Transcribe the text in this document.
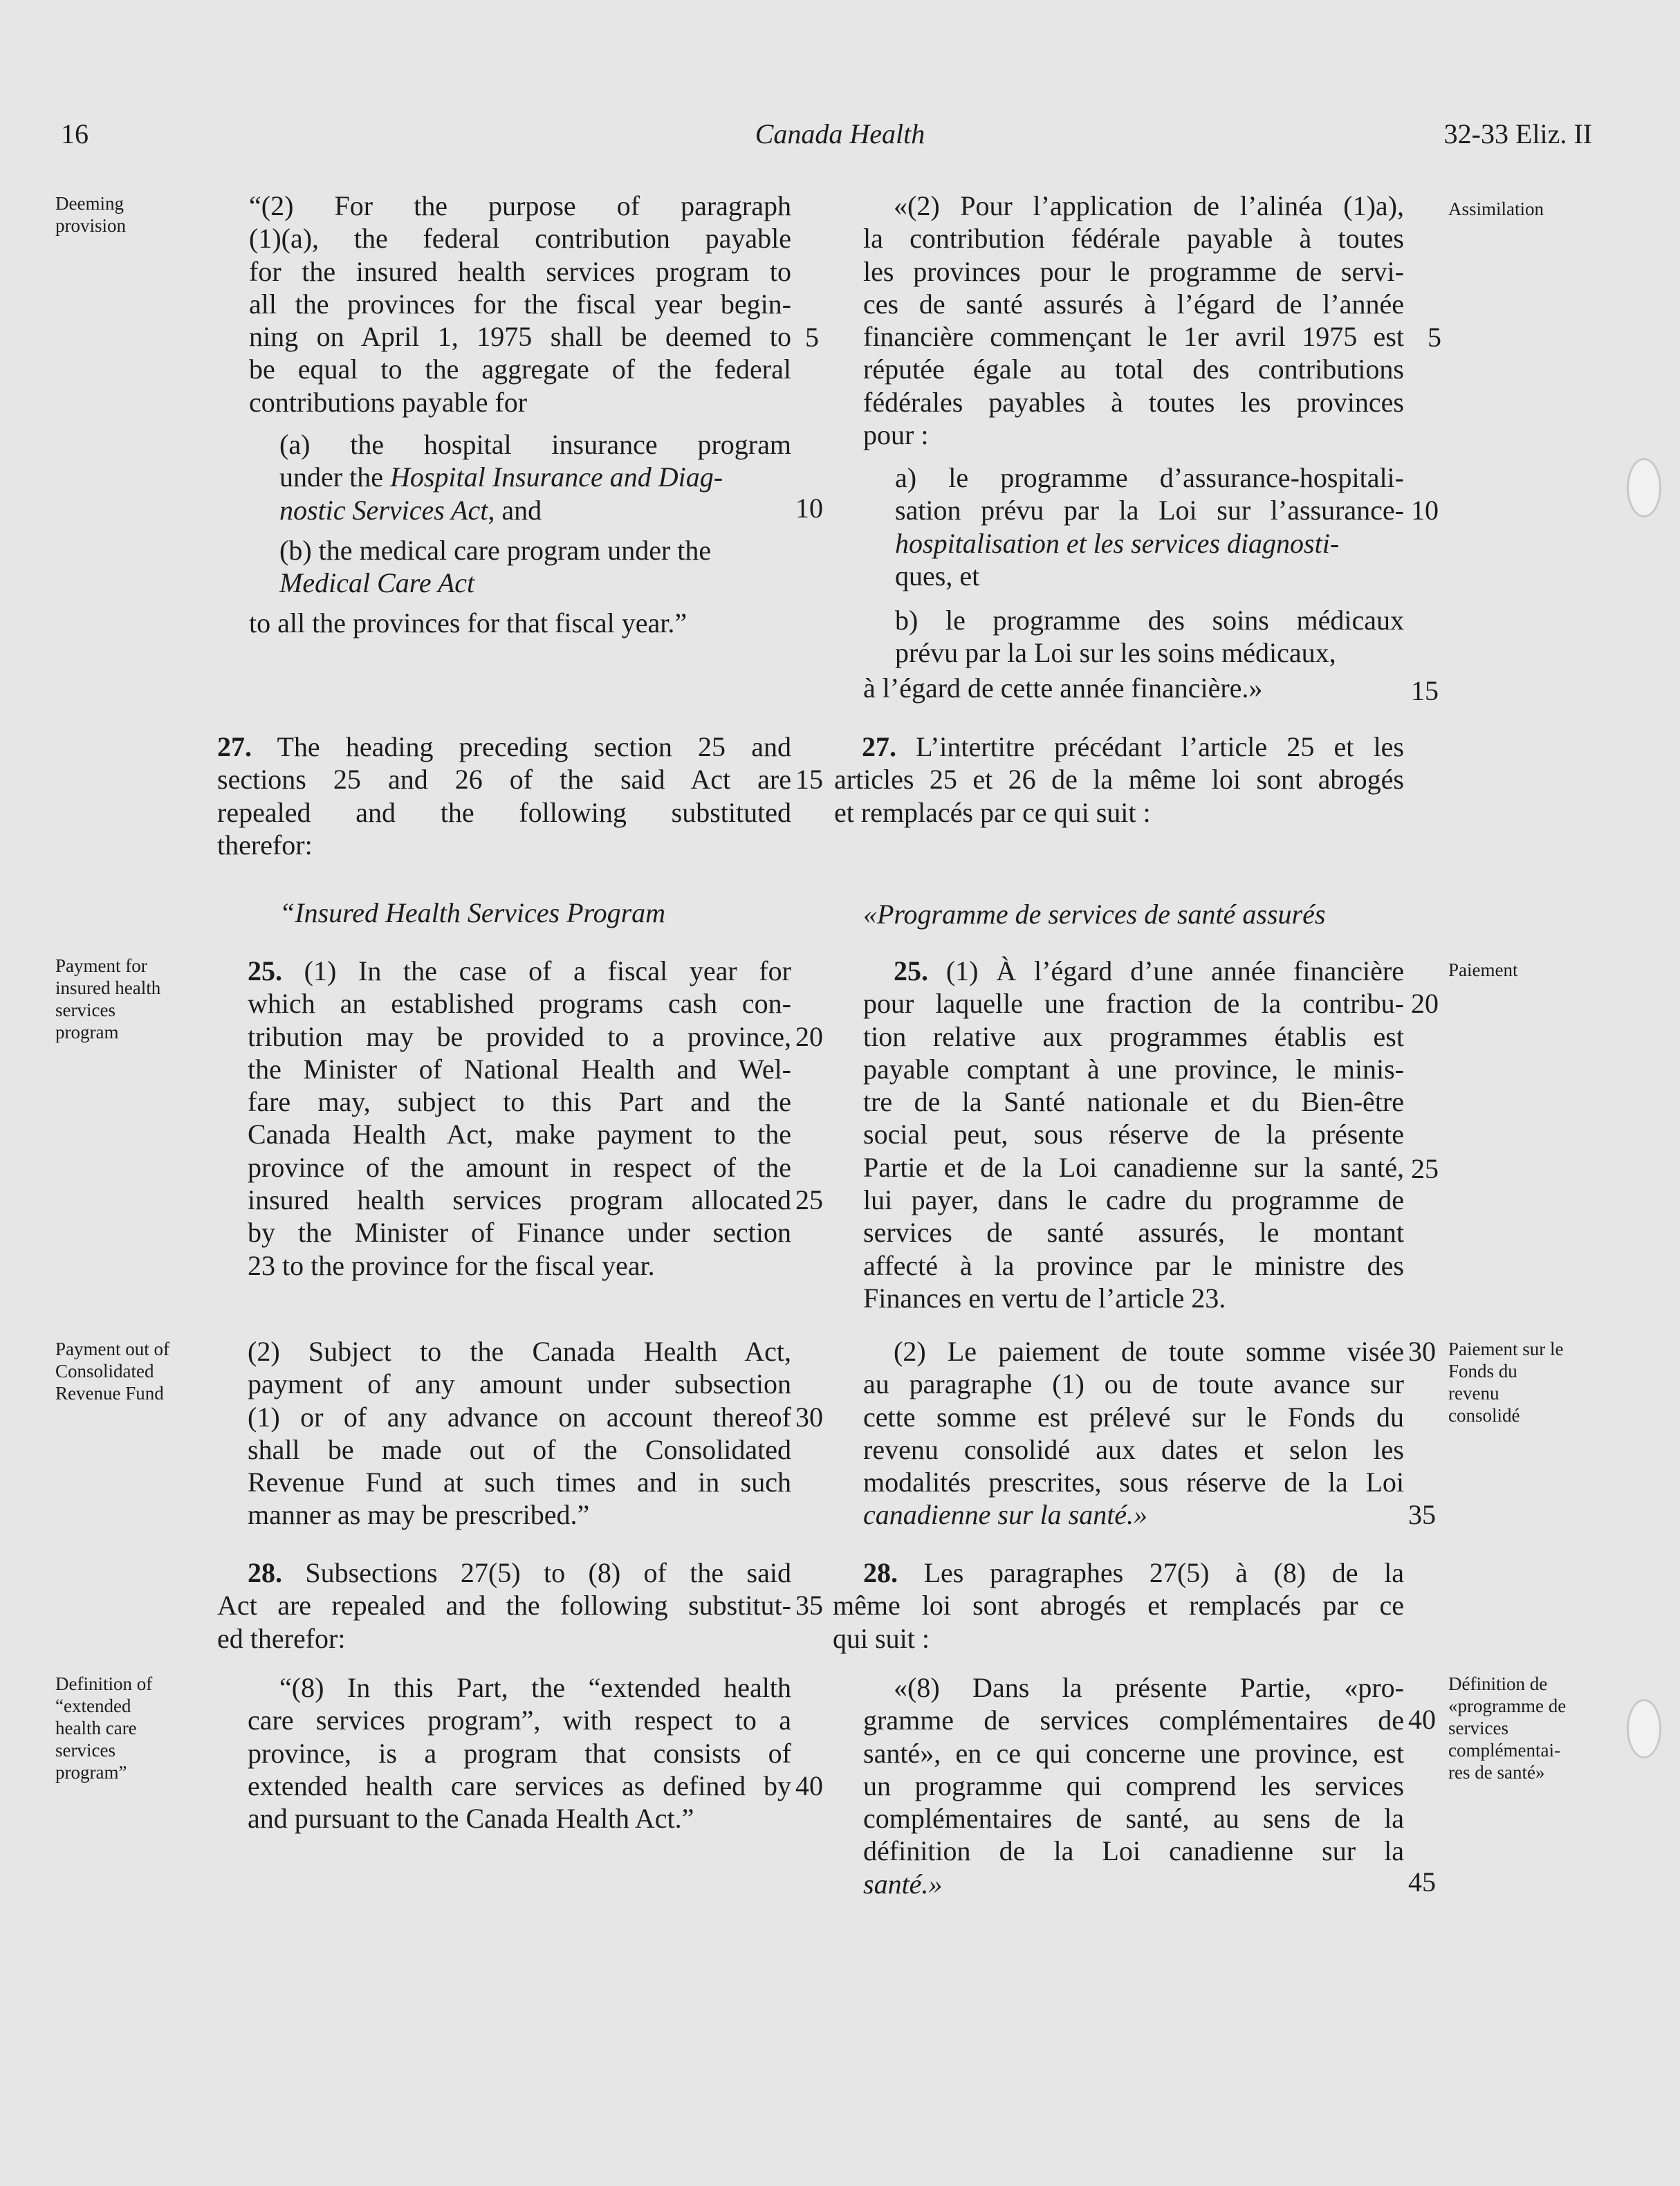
16	Canada Health	32-33 Eliz. II
Deeming
provision
Payment for
insured health
services
program
Payment out of
Consolidated
Revenue Fund
Definition of
“extended
health care
services
program”
Assimilation
Paiement
Paiement sur le
Fonds du
revenu
consolidé
Définition de
«programme de
services
complémentai-
res de santé»
“(2) For the purpose of paragraph
(1)(a), the federal contribution payable
for the insured health services program to
all the provinces for the fiscal year begin-
ning on April 1, 1975 shall be deemed to
be equal to the aggregate of the federal
contributions payable for
(a) the hospital insurance program
under the Hospital Insurance and Diag-
nostic Services Act, and
(b) the medical care program under the
Medical Care Act
to all the provinces for that fiscal year.”
27. The heading preceding section 25 and
sections 25 and 26 of the said Act are
repealed and the following substituted
therefor:
“Insured Health Services Program
25. (1) In the case of a fiscal year for
which an established programs cash con-
tribution may be provided to a province,
the Minister of National Health and Wel-
fare may, subject to this Part and the
Canada Health Act, make payment to the
province of the amount in respect of the
insured health services program allocated
by the Minister of Finance under section
23 to the province for the fiscal year.
(2) Subject to the Canada Health Act,
payment of any amount under subsection
(1) or of any advance on account thereof
shall be made out of the Consolidated
Revenue Fund at such times and in such
manner as may be prescribed.”
28. Subsections 27(5) to (8) of the said
Act are repealed and the following substitut-
ed therefor:
“(8) In this Part, the “extended health
care services program”, with respect to a
province, is a program that consists of
extended health care services as defined by
and pursuant to the Canada Health Act.”
5
10
15
20
25
30
35
40
«(2) Pour l’application de l’alinéa (1)a),
la contribution fédérale payable à toutes
les provinces pour le programme de servi-
ces de santé assurés à l’égard de l’année
financière commençant le 1er avril 1975 est
réputée égale au total des contributions
fédérales payables à toutes les provinces
pour :
a) le programme d’assurance-hospitali-
sation prévu par la Loi sur l’assurance-
hospitalisation et les services diagnosti-
ques, et
b) le programme des soins médicaux
prévu par la Loi sur les soins médicaux,
à l’égard de cette année financière.»
27. L’intertitre précédant l’article 25 et les
articles 25 et 26 de la même loi sont abrogés
et remplacés par ce qui suit :
«Programme de services de santé assurés
25. (1) À l’égard d’une année financière
pour laquelle une fraction de la contribu-
tion relative aux programmes établis est
payable comptant à une province, le minis-
tre de la Santé nationale et du Bien-être
social peut, sous réserve de la présente
Partie et de la Loi canadienne sur la santé,
lui payer, dans le cadre du programme de
services de santé assurés, le montant
affecté à la province par le ministre des
Finances en vertu de l’article 23.
(2) Le paiement de toute somme visée
au paragraphe (1) ou de toute avance sur
cette somme est prélevé sur le Fonds du
revenu consolidé aux dates et selon les
modalités prescrites, sous réserve de la Loi
canadienne sur la santé.»
28. Les paragraphes 27(5) à (8) de la
même loi sont abrogés et remplacés par ce
qui suit :
«(8) Dans la présente Partie, «pro-
gramme de services complémentaires de
santé», en ce qui concerne une province, est
un programme qui comprend les services
complémentaires de santé, au sens de la
définition de la Loi canadienne sur la
santé.»
5
10
15
20
25
30
35
40
45
